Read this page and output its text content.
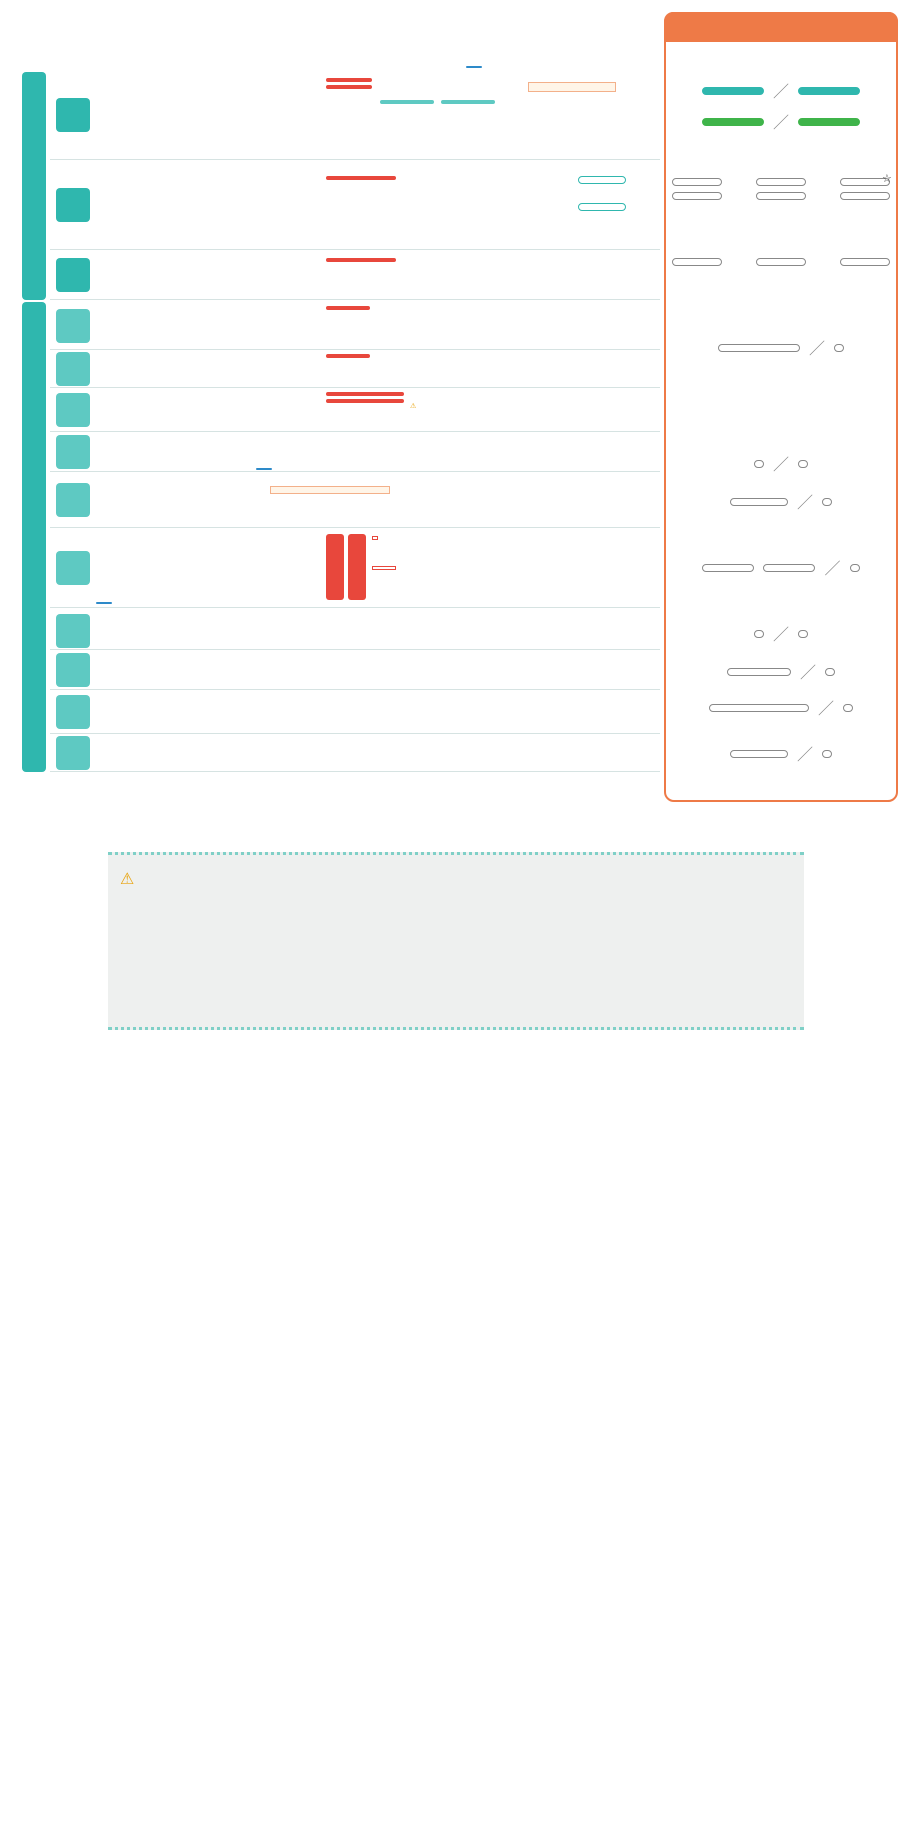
⚠
／
／
☆
／
／
／
／
／
／
／
／
⚠
